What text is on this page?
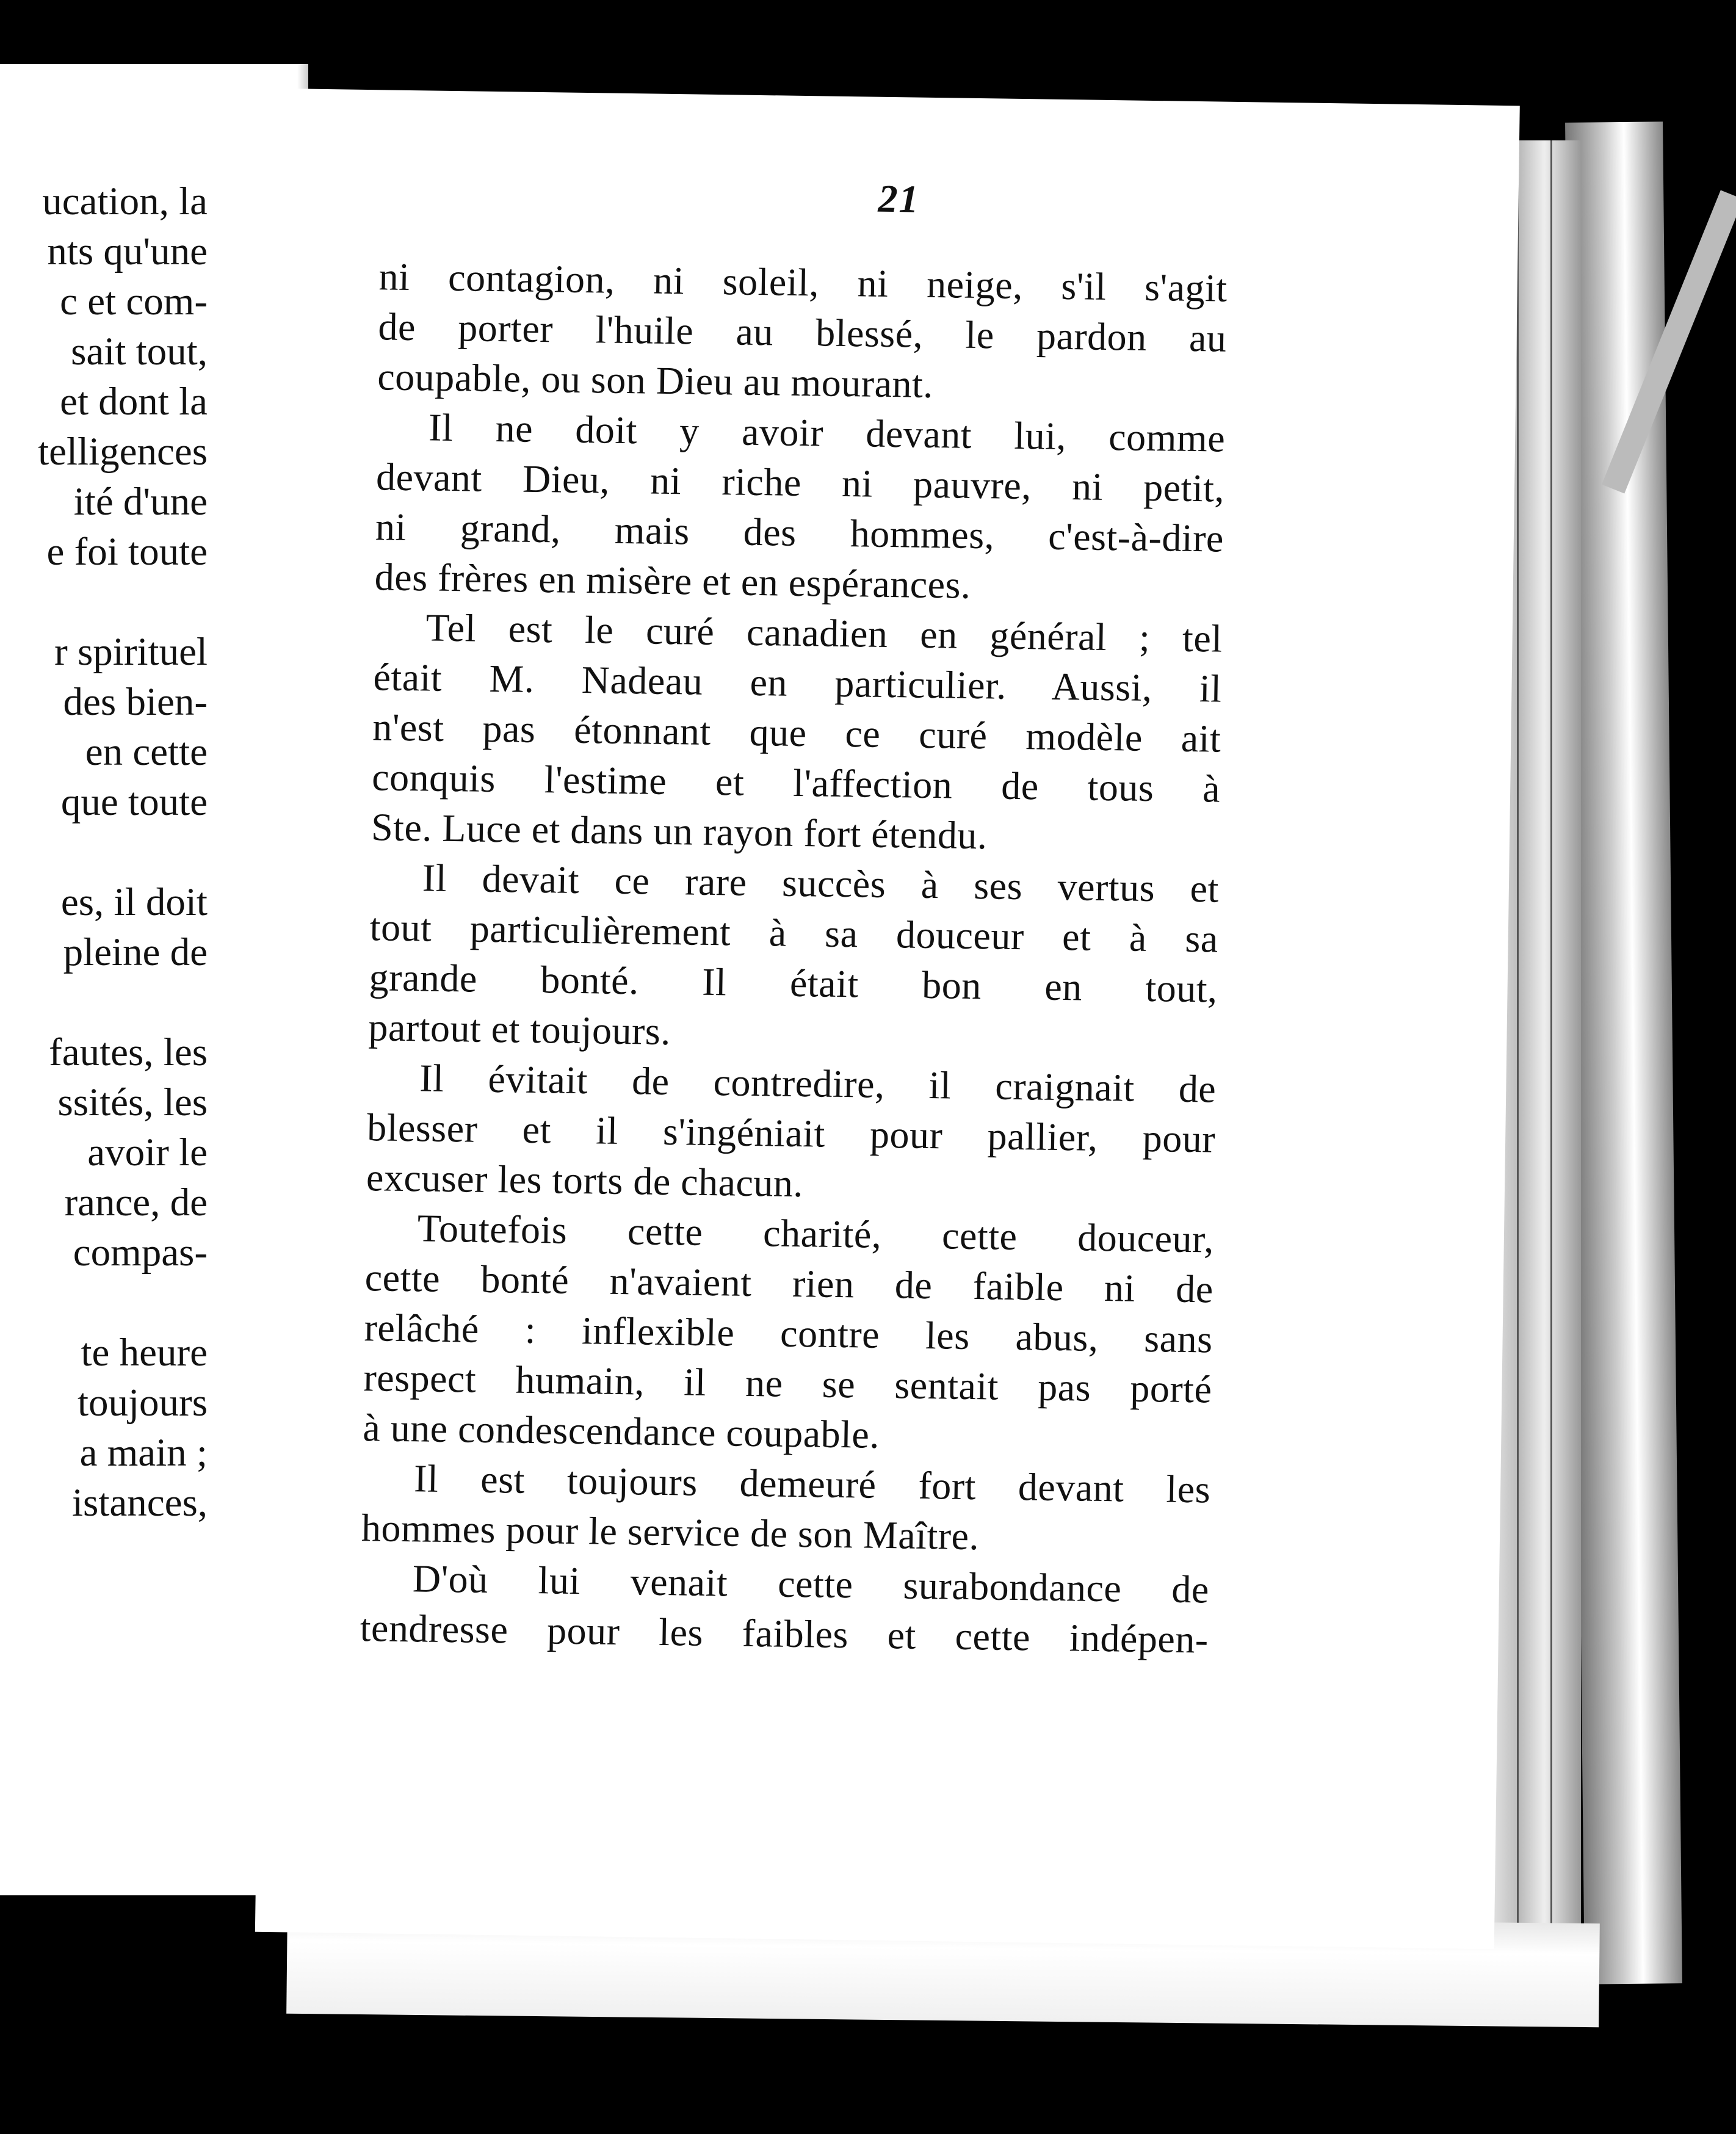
ucation, la
nts qu'une
c et com-
sait tout,
et dont la
telligences
ité d'une
e foi toute
r spirituel
des bien-
en cette
que toute
es, il doit
pleine de
fautes, les
ssités, les
avoir le
rance, de
compas-
te heure
toujours
a main ;
istances,
21
ni contagion, ni soleil, ni neige, s'il s'agit
de porter l'huile au blessé, le pardon au
coupable, ou son Dieu au mourant.
Il ne doit y avoir devant lui, comme
devant Dieu, ni riche ni pauvre, ni petit,
ni grand, mais des hommes, c'est-à-dire
des frères en misère et en espérances.
Tel est le curé canadien en général ; tel
était M. Nadeau en particulier. Aussi, il
n'est pas étonnant que ce curé modèle ait
conquis l'estime et l'affection de tous à
Ste. Luce et dans un rayon fort étendu.
Il devait ce rare succès à ses vertus et
tout particulièrement à sa douceur et à sa
grande bonté. Il était bon en tout,
partout et toujours.
Il évitait de contredire, il craignait de
blesser et il s'ingéniait pour pallier, pour
excuser les torts de chacun.
Toutefois cette charité, cette douceur,
cette bonté n'avaient rien de faible ni de
relâché : inflexible contre les abus, sans
respect humain, il ne se sentait pas porté
à une condescendance coupable.
Il est toujours demeuré fort devant les
hommes pour le service de son Maître.
D'où lui venait cette surabondance de
tendresse pour les faibles et cette indépen-
